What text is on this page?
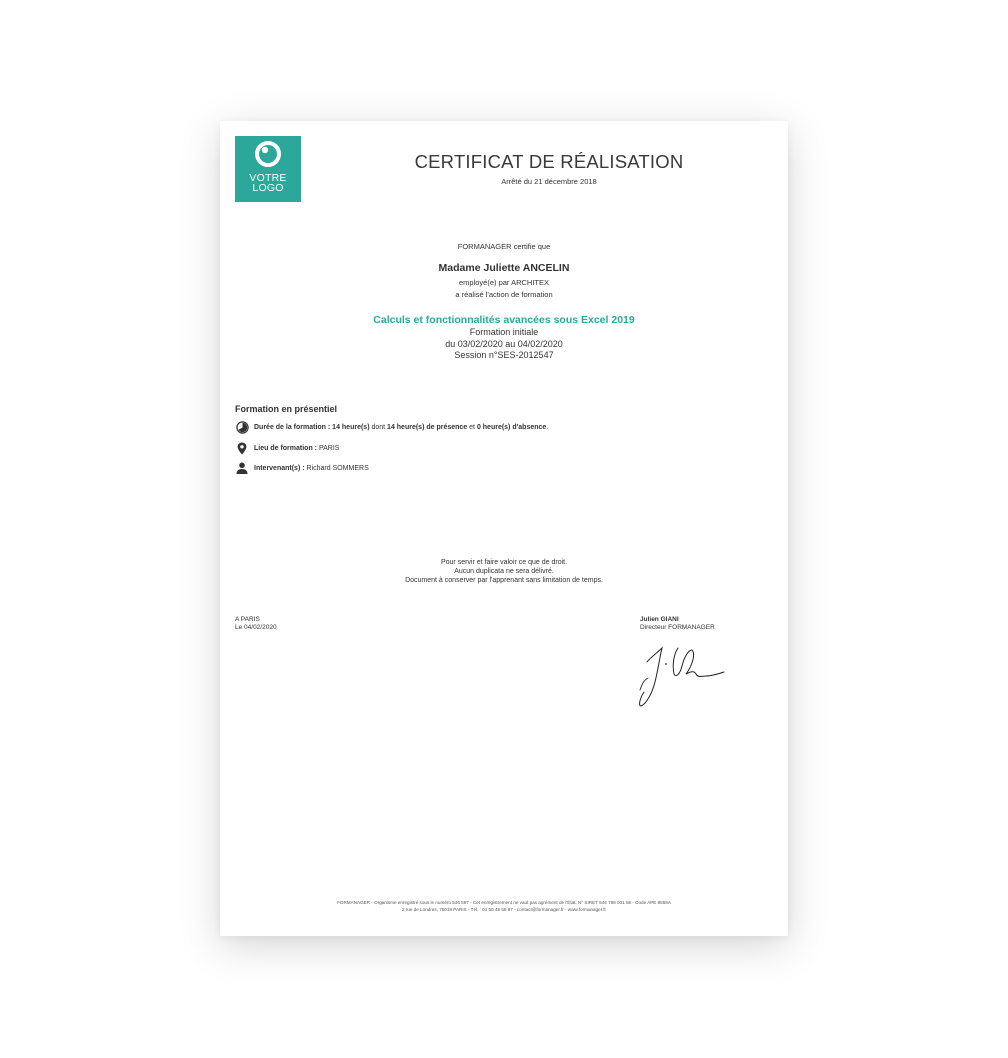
VOTRE
LOGO
CERTIFICAT DE RÉALISATION
Arrêté du 21 décembre 2018
FORMANAGER certifie que
Madame Juliette ANCELIN
employé(e) par ARCHITEX
a réalisé l'action de formation
Calculs et fonctionnalités avancées sous Excel 2019
Formation initiale
du 03/02/2020 au 04/02/2020
Session n°SES-2012547
Formation en présentiel
Durée de la formation : 14 heure(s) dont 14 heure(s) de présence et 0 heure(s) d'absence.
Lieu de formation : PARIS
Intervenant(s) : Richard SOMMERS
Pour servir et faire valoir ce que de droit.
Aucun duplicata ne sera délivré.
Document à conserver par l'apprenant sans limitation de temps.
A PARIS
Le 04/02/2020
Julien GIANI
Directeur FORMANAGER
FORMANAGER - Organisme enregistré sous le numéro 546 597 - Cet enregistrement ne vaut pas agrément de l'État. N° SIRET 544 789 001 56 - Code APE 8559A
2 rue de Londres, 75019 PARIS - Tél. : 01 56 48 59 87 - contact@formanager.fr - www.formanager.fr
